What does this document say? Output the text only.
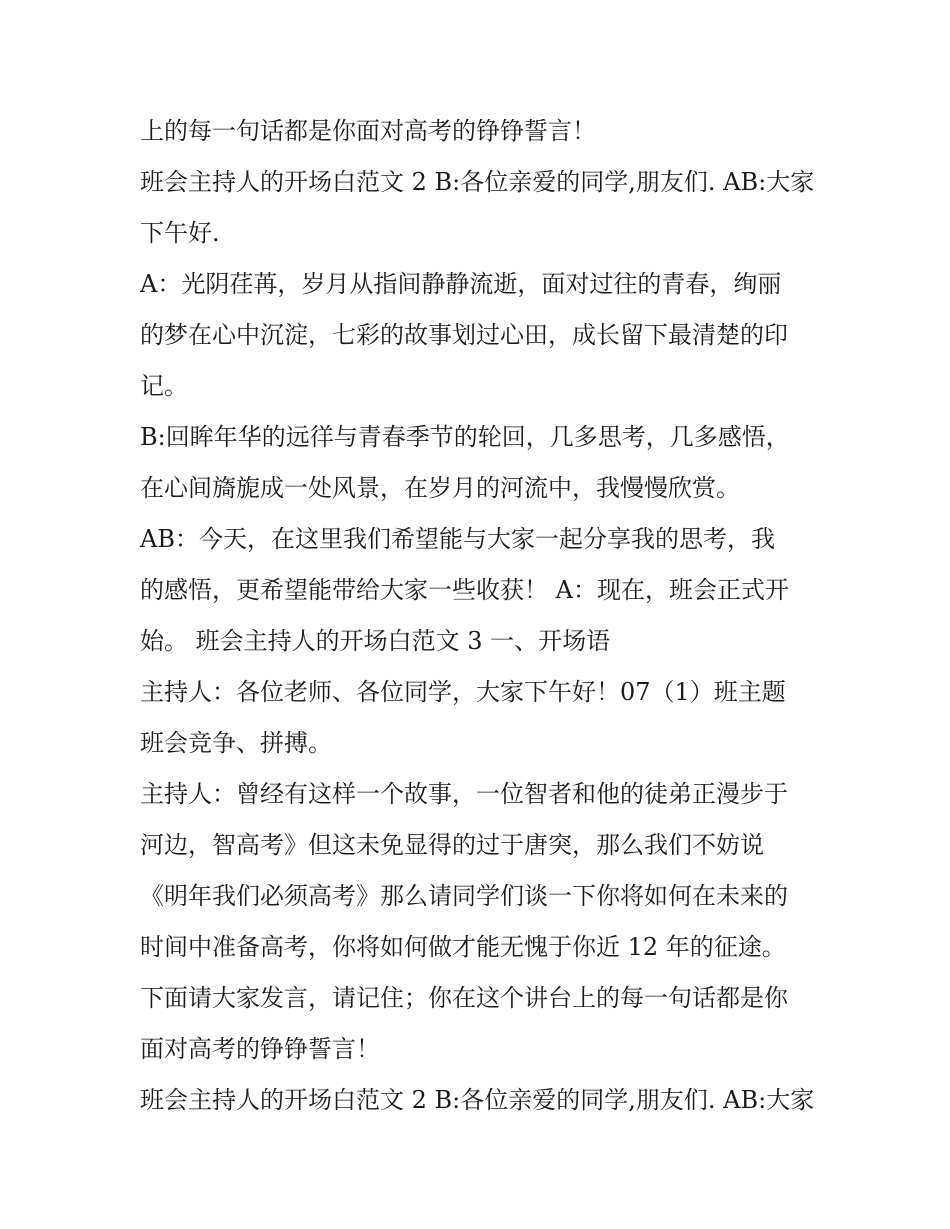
上的每一句话都是你面对高考的铮铮誓言！
班会主持人的开场白范文 2 B:各位亲爱的同学,朋友们. AB:大家
下午好.
A：光阴荏苒，岁月从指间静静流逝，面对过往的青春，绚丽
的梦在心中沉淀，七彩的故事划过心田，成长留下最清楚的印
记。
B:回眸年华的远徉与青春季节的轮回，几多思考，几多感悟，
在心间旖旎成一处风景，在岁月的河流中，我慢慢欣赏。
AB：今天，在这里我们希望能与大家一起分享我的思考，我
的感悟，更希望能带给大家一些收获！ A：现在，班会正式开
始。 班会主持人的开场白范文 3 一、开场语
主持人：各位老师、各位同学，大家下午好！07（1）班主题
班会竞争、拼搏。
主持人：曾经有这样一个故事，一位智者和他的徒弟正漫步于
河边，智高考》但这未免显得的过于唐突，那么我们不妨说
《明年我们必须高考》那么请同学们谈一下你将如何在未来的
时间中准备高考，你将如何做才能无愧于你近 12 年的征途。
下面请大家发言，请记住；你在这个讲台上的每一句话都是你
面对高考的铮铮誓言！
班会主持人的开场白范文 2 B:各位亲爱的同学,朋友们. AB:大家
